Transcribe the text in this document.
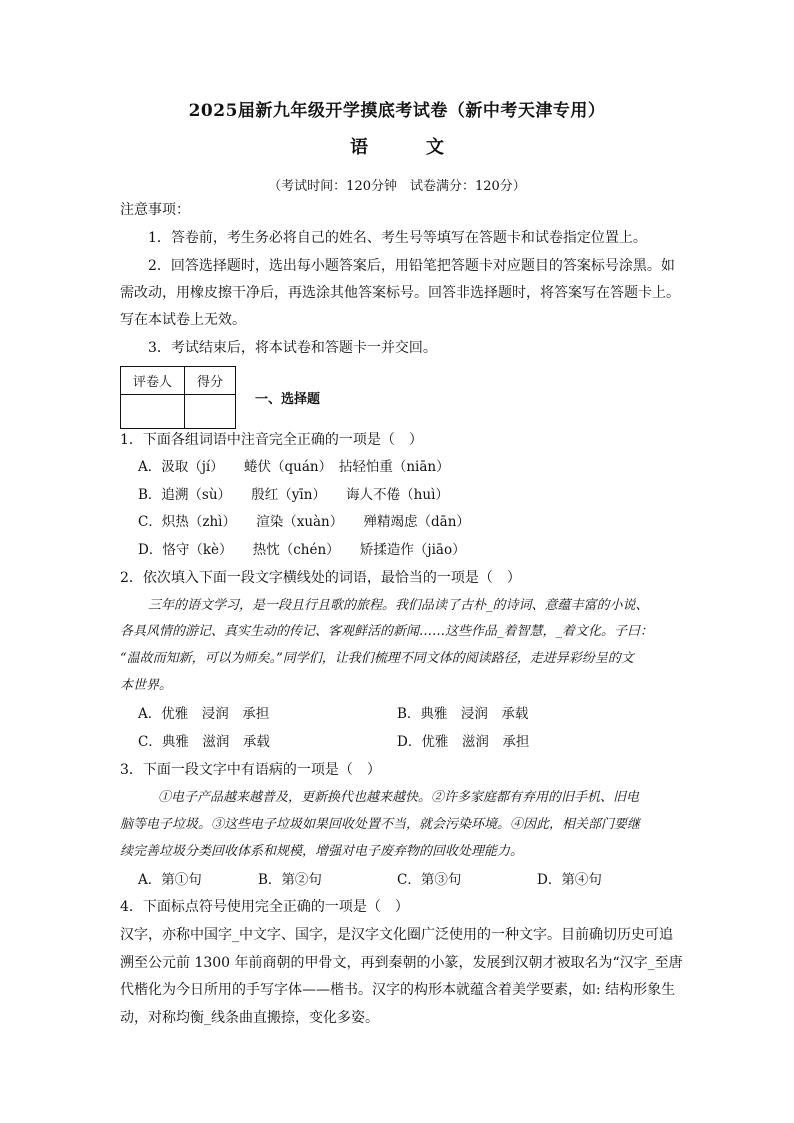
2025届新九年级开学摸底考试卷（新中考天津专用）
语	文
（考试时间：120分钟　试卷满分：120分）
注意事项：
1．答卷前，考生务必将自己的姓名、考生号等填写在答题卡和试卷指定位置上。
2．回答选择题时，选出每小题答案后，用铅笔把答题卡对应题目的答案标号涂黑。如
需改动，用橡皮擦干净后，再选涂其他答案标号。回答非选择题时，将答案写在答题卡上。
写在本试卷上无效。
3．考试结束后，将本试卷和答题卡一并交回。
评卷人	得分

一、选择题
1．下面各组词语中注音完全正确的一项是（　）
A．汲取（jí）　　蜷伏（quán）　拈轻怕重（niān）
B．追溯（sù）　　殷红（yīn）　　诲人不倦（huì）
C．炽热（zhì）　　渲染（xuàn）　　殚精竭虑（dān）
D．恪守（kè）　　热忱（chén）　　矫揉造作（jiāo）
2．依次填入下面一段文字横线处的词语，最恰当的一项是（　）
三年的语文学习，是一段且行且歌的旅程。我们品读了古朴_的诗词、意蕴丰富的小说、
各具风情的游记、真实生动的传记、客观鲜活的新闻……这些作品_着智慧，_着文化。子曰：
“温故而知新，可以为师矣。”同学们，让我们梳理不同文体的阅读路径，走进异彩纷呈的文
本世界。
A．优雅　浸润　承担	B．典雅　浸润　承载
C．典雅　滋润　承载	D．优雅　滋润　承担
3．下面一段文字中有语病的一项是（　）
①电子产品越来越普及，更新换代也越来越快。②许多家庭都有弃用的旧手机、旧电
脑等电子垃圾。③这些电子垃圾如果回收处置不当，就会污染环境。④因此，相关部门要继
续完善垃圾分类回收体系和规模，增强对电子废弃物的回收处理能力。
A．第①句	B．第②句	C．第③句	D．第④句
4．下面标点符号使用完全正确的一项是（　）
汉字，亦称中国字_中文字、国字，是汉字文化圈广泛使用的一种文字。目前确切历史可追
溯至公元前 1300 年前商朝的甲骨文，再到秦朝的小篆，发展到汉朝才被取名为“汉字_至唐
代楷化为今日所用的手写字体——楷书。汉字的构形本就蕴含着美学要素，如: 结构形象生
动，对称均衡_线条曲直搬捺，变化多姿。
